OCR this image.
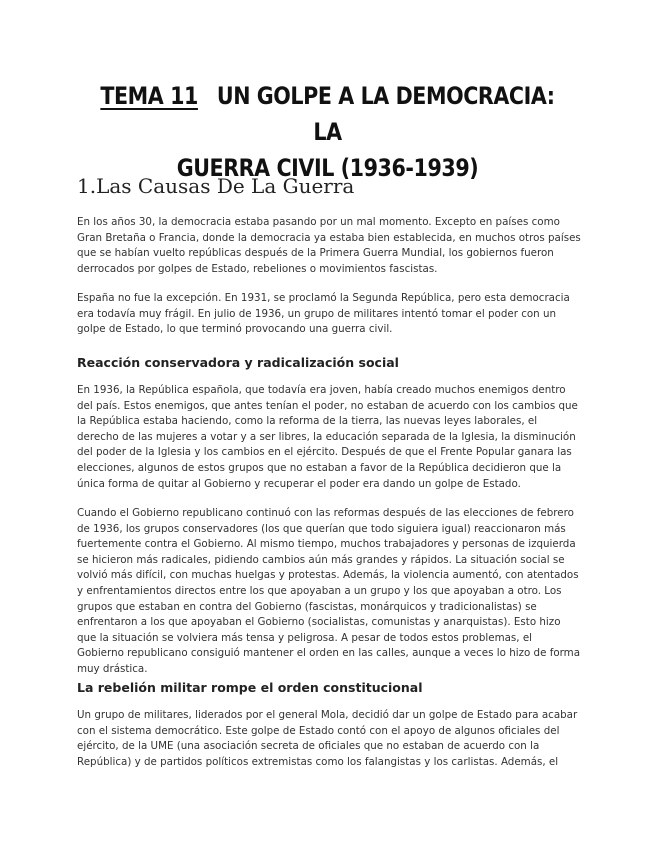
TEMA 11 UN GOLPE A LA DEMOCRACIA: LA
GUERRA CIVIL (1936-1939)
1.Las Causas De La Guerra

En los años 30, la democracia estaba pasando por un mal momento. Excepto en países como Gran Bretaña o Francia, donde la democracia ya estaba bien establecida, en muchos otros países que se habían vuelto repúblicas después de la Primera Guerra Mundial, los gobiernos fueron derrocados por golpes de Estado, rebeliones o movimientos fascistas.

España no fue la excepción. En 1931, se proclamó la Segunda República, pero esta democracia era todavía muy frágil. En julio de 1936, un grupo de militares intentó tomar el poder con un golpe de Estado, lo que terminó provocando una guerra civil.

Reacción conservadora y radicalización social

En 1936, la República española, que todavía era joven, había creado muchos enemigos dentro del país. Estos enemigos, que antes tenían el poder, no estaban de acuerdo con los cambios que la República estaba haciendo, como la reforma de la tierra, las nuevas leyes laborales, el derecho de las mujeres a votar y a ser libres, la educación separada de la Iglesia, la disminución del poder de la Iglesia y los cambios en el ejército. Después de que el Frente Popular ganara las elecciones, algunos de estos grupos que no estaban a favor de la República decidieron que la única forma de quitar al Gobierno y recuperar el poder era dando un golpe de Estado.

Cuando el Gobierno republicano continuó con las reformas después de las elecciones de febrero de 1936, los grupos conservadores (los que querían que todo siguiera igual) reaccionaron más fuertemente contra el Gobierno. Al mismo tiempo, muchos trabajadores y personas de izquierda se hicieron más radicales, pidiendo cambios aún más grandes y rápidos. La situación social se volvió más difícil, con muchas huelgas y protestas. Además, la violencia aumentó, con atentados y enfrentamientos directos entre los que apoyaban a un grupo y los que apoyaban a otro. Los grupos que estaban en contra del Gobierno (fascistas, monárquicos y tradicionalistas) se enfrentaron a los que apoyaban el Gobierno (socialistas, comunistas y anarquistas). Esto hizo que la situación se volviera más tensa y peligrosa. A pesar de todos estos problemas, el Gobierno republicano consiguió mantener el orden en las calles, aunque a veces lo hizo de forma muy drástica.

La rebelión militar rompe el orden constitucional

Un grupo de militares, liderados por el general Mola, decidió dar un golpe de Estado para acabar con el sistema democrático. Este golpe de Estado contó con el apoyo de algunos oficiales del ejército, de la UME (una asociación secreta de oficiales que no estaban de acuerdo con la República) y de partidos políticos extremistas como los falangistas y los carlistas. Además, el
